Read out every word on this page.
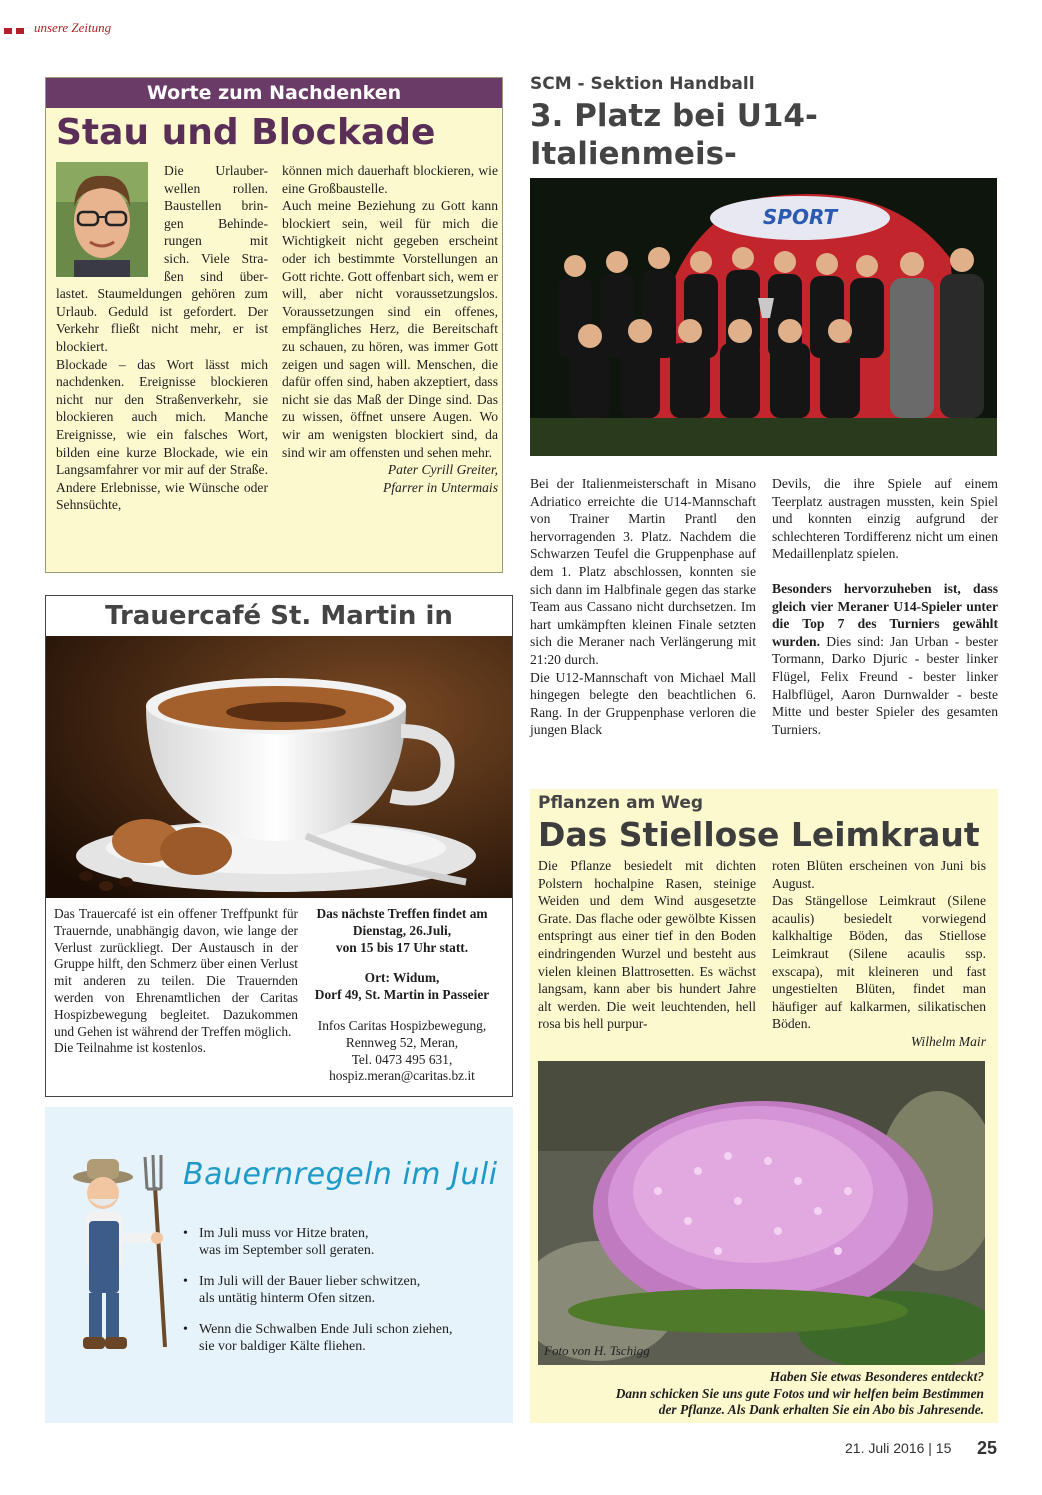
unsere Zeitung
Worte zum Nachdenken
Stau und Blockade
Die Urlauber-
wellen rollen.
Baustellen brin-
gen Behinde-
rungen mit
sich. Viele Stra-
ßen sind über-

lastet. Staumeldungen gehören zum Urlaub. Geduld ist gefordert. Der Verkehr fließt nicht mehr, er ist blockiert.

Blockade – das Wort lässt mich nachdenken. Ereignisse blockieren nicht nur den Straßenverkehr, sie blockieren auch mich. Manche Ereignisse, wie ein falsches Wort, bilden eine kurze Blockade, wie ein Langsamfahrer vor mir auf der Straße. Andere Erlebnisse, wie Wünsche oder Sehnsüchte,

können mich dauerhaft blockieren, wie eine Großbaustelle.

Auch meine Beziehung zu Gott kann blockiert sein, weil für mich die Wichtigkeit nicht gegeben erscheint oder ich bestimmte Vorstellungen an Gott richte. Gott offenbart sich, wem er will, aber nicht voraussetzungslos. Voraussetzungen sind ein offenes, empfängliches Herz, die Bereitschaft zu schauen, zu hören, was immer Gott zeigen und sagen will. Menschen, die dafür offen sind, haben akzeptiert, dass nicht sie das Maß der Dinge sind. Das zu wissen, öffnet unsere Augen. Wo wir am wenigsten blockiert sind, da sind wir am offensten und sehen mehr.

Pater Cyrill Greiter,

Pfarrer in Untermais

Trauercafé St. Martin in

Das Trauercafé ist ein offener Treffpunkt für Trauernde, unabhängig davon, wie lange der Verlust zurückliegt. Der Austausch in der Gruppe hilft, den Schmerz über einen Verlust mit anderen zu teilen. Die Trauernden werden von Ehrenamtlichen der Caritas Hospizbewegung begleitet. Dazukommen und Gehen ist während der Treffen möglich.

Die Teilnahme ist kostenlos.

Das nächste Treffen findet am
Dienstag, 26.Juli,
von 15 bis 17 Uhr statt.
Ort: Widum,
Dorf 49, St. Martin in Passeier
Infos Caritas Hospizbewegung,
Rennweg 52, Meran,
Tel. 0473 495 631,
hospiz.meran@caritas.bz.it
Bauernregeln im Juli
• Im Juli muss vor Hitze braten,
was im September soll geraten.
• Im Juli will der Bauer lieber schwitzen,
als untätig hinterm Ofen sitzen.
• Wenn die Schwalben Ende Juli schon ziehen,
sie vor baldiger Kälte fliehen.
SCM - Sektion Handball
3. Platz bei U14-Italienmeis-
SPORT

Bei der Italienmeisterschaft in Misano Adriatico erreichte die U14-Mannschaft von Trainer Martin Prantl den hervorragenden 3. Platz. Nachdem die Schwarzen Teufel die Gruppenphase auf dem 1. Platz abschlossen, konnten sie sich dann im Halbfinale gegen das starke Team aus Cassano nicht durchsetzen. Im hart umkämpften kleinen Finale setzten sich die Meraner nach Verlängerung mit 21:20 durch.

Die U12-Mannschaft von Michael Mall hingegen belegte den beachtlichen 6. Rang. In der Gruppenphase verloren die jungen Black

Devils, die ihre Spiele auf einem Teerplatz austragen mussten, kein Spiel und konnten einzig aufgrund der schlechteren Tordifferenz nicht um einen Medaillenplatz spielen.

Besonders hervorzuheben ist, dass gleich vier Meraner U14-Spieler unter die Top 7 des Turniers gewählt wurden. Dies sind: Jan Urban - bester Tormann, Darko Djuric - bester linker Flügel, Felix Freund - bester linker Halbflügel, Aaron Durnwalder - beste Mitte und bester Spieler des gesamten Turniers.

Pflanzen am Weg
Das Stiellose Leimkraut

Die Pflanze besiedelt mit dichten Polstern hochalpine Rasen, steinige Weiden und dem Wind ausgesetzte Grate. Das flache oder gewölbte Kissen entspringt aus einer tief in den Boden eindringenden Wurzel und besteht aus vielen kleinen Blattrosetten. Es wächst langsam, kann aber bis hundert Jahre alt werden. Die weit leuchtenden, hell rosa bis hell purpur-

roten Blüten erscheinen von Juni bis August.

Das Stängellose Leimkraut (Silene acaulis) besiedelt vorwiegend kalkhaltige Böden, das Stiellose Leimkraut (Silene acaulis ssp. exscapa), mit kleineren und fast ungestielten Blüten, findet man häufiger auf kalkarmen, silikatischen Böden.

Wilhelm Mair

Foto von H. Tschigg
Haben Sie etwas Besonderes entdeckt?
Dann schicken Sie uns gute Fotos und wir helfen beim Bestimmen
der Pflanze. Als Dank erhalten Sie ein Abo bis Jahresende.
21. Juli 2016 | 15 25
